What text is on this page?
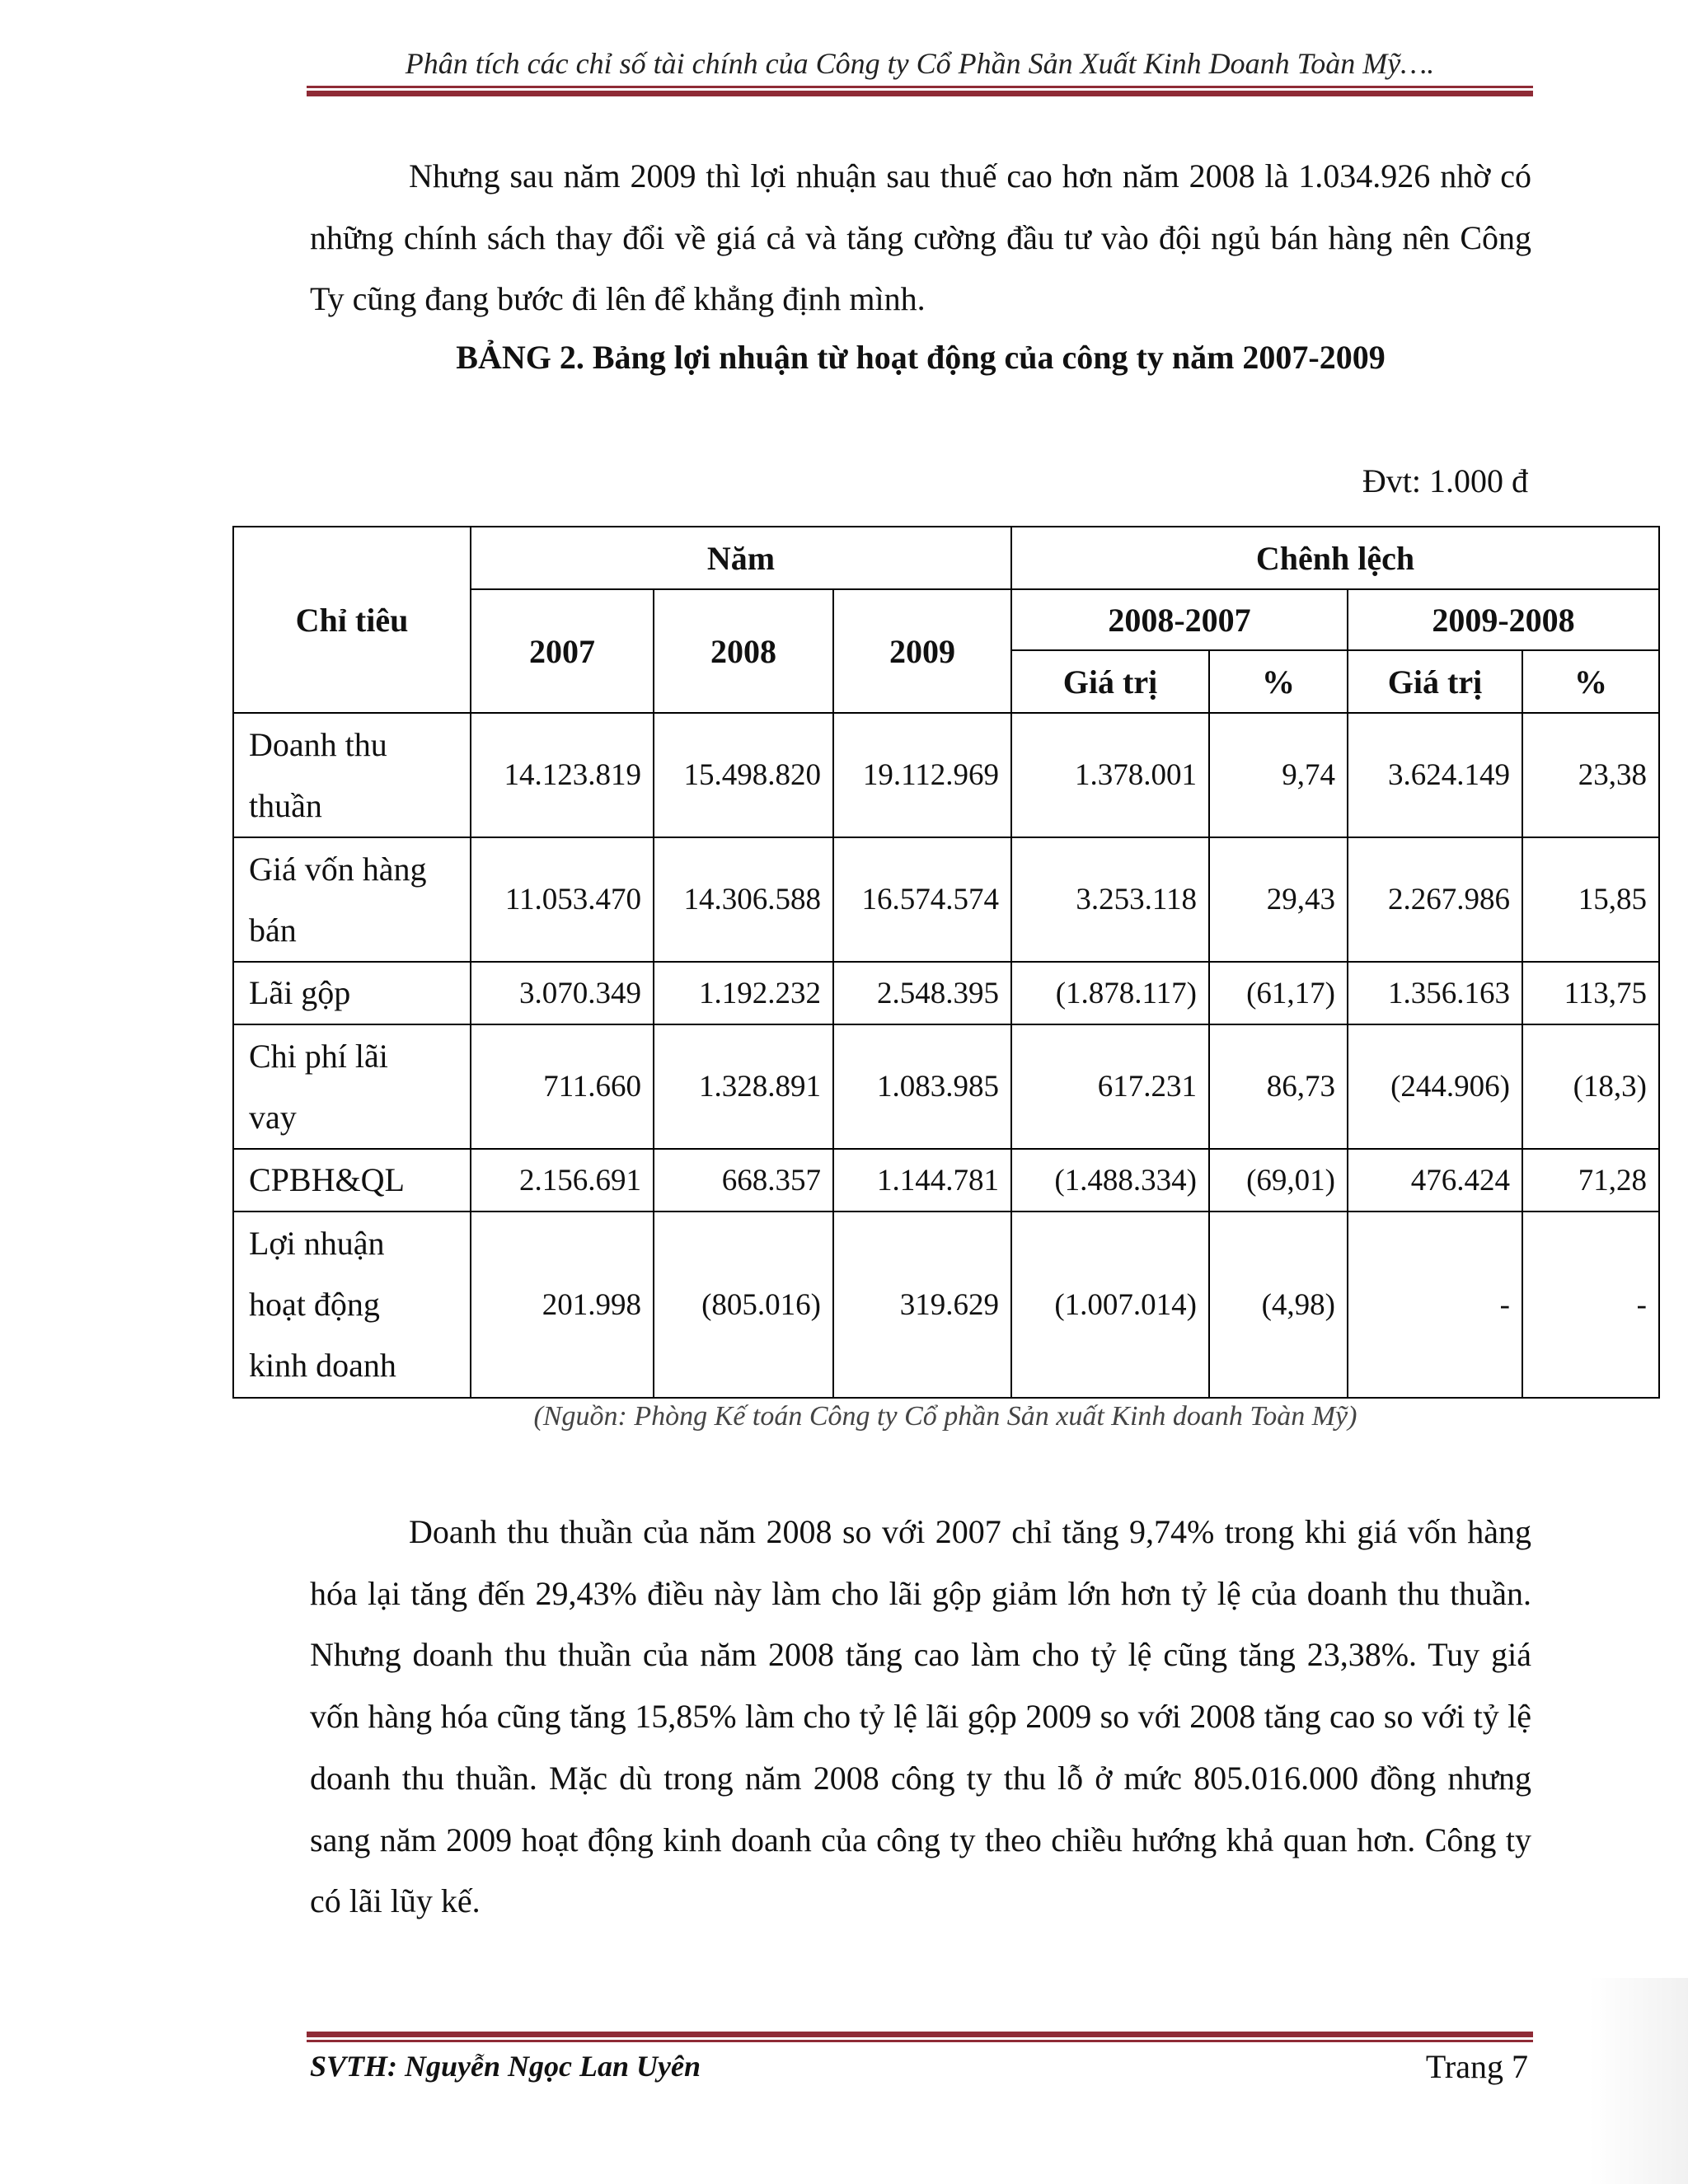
Phân tích các chỉ số tài chính của Công ty Cổ Phần Sản Xuất Kinh Doanh Toàn Mỹ….
Nhưng sau năm 2009 thì lợi nhuận sau thuế cao hơn năm 2008 là 1.034.926 nhờ có những chính sách thay đổi về giá cả và tăng cường đầu tư vào đội ngủ bán hàng nên Công Ty cũng đang bước đi lên để khẳng định mình.
BẢNG 2. Bảng lợi nhuận từ hoạt động của công ty năm 2007-2009
Đvt: 1.000 đ
Chỉ tiêu	Năm			Chênh lệch			
	2007	2008	2009	2008-2007		2009-2008	
				Giá trị	%	Giá trị	%
Doanh thu
thuần	14.123.819	15.498.820	19.112.969	1.378.001	9,74	3.624.149	23,38
Giá vốn hàng
bán	11.053.470	14.306.588	16.574.574	3.253.118	29,43	2.267.986	15,85
Lãi gộp	3.070.349	1.192.232	2.548.395	(1.878.117)	(61,17)	1.356.163	113,75
Chi phí lãi
vay	711.660	1.328.891	1.083.985	617.231	86,73	(244.906)	(18,3)
CPBH&QL	2.156.691	668.357	1.144.781	(1.488.334)	(69,01)	476.424	71,28
Lợi nhuận
hoạt động
kinh doanh	201.998	(805.016)	319.629	(1.007.014)	(4,98)	-	-
(Nguồn: Phòng Kế toán Công ty Cổ phần Sản xuất Kinh doanh Toàn Mỹ)
Doanh thu thuần của năm 2008 so với 2007 chỉ tăng 9,74% trong khi giá vốn hàng hóa lại tăng đến 29,43% điều này làm cho lãi gộp giảm lớn hơn tỷ lệ của doanh thu thuần. Nhưng doanh thu thuần của năm 2008 tăng cao làm cho tỷ lệ cũng tăng 23,38%. Tuy giá vốn hàng hóa cũng tăng 15,85% làm cho tỷ lệ lãi gộp 2009 so với 2008 tăng cao so với tỷ lệ doanh thu thuần. Mặc dù trong năm 2008 công ty thu lỗ ở mức 805.016.000 đồng nhưng sang năm 2009 hoạt động kinh doanh của công ty theo chiều hướng khả quan hơn. Công ty có lãi lũy kế.
SVTH: Nguyễn Ngọc Lan Uyên	Trang 7
